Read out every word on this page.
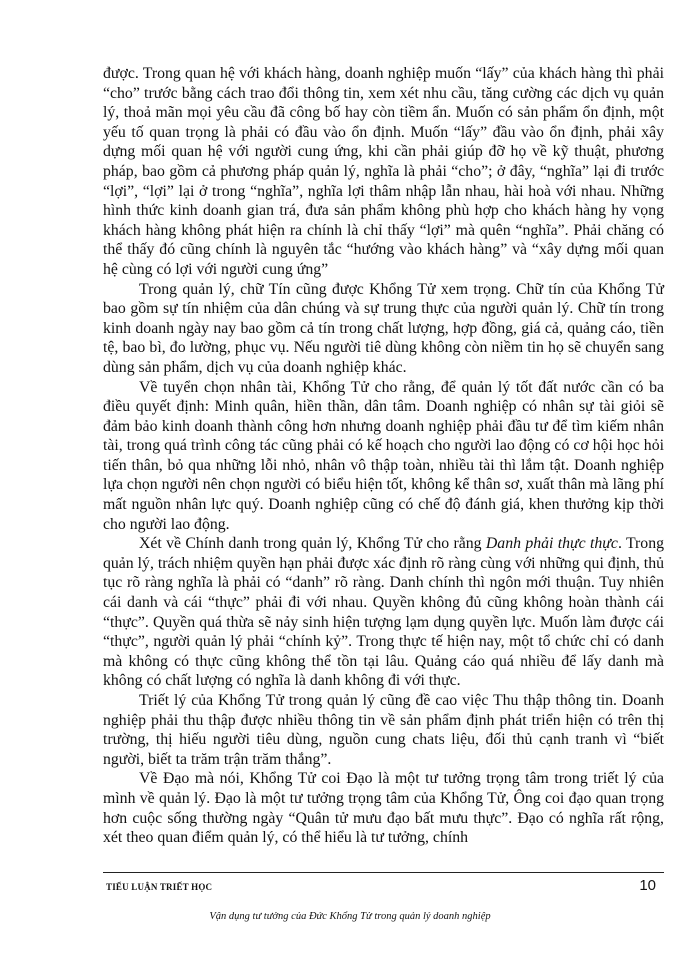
được. Trong quan hệ với khách hàng, doanh nghiệp muốn “lấy” của khách hàng thì phải “cho” trước bằng cách trao đổi thông tin, xem xét nhu cầu, tăng cường các dịch vụ quản lý, thoả mãn mọi yêu cầu đã công bố hay còn tiềm ẩn. Muốn có sản phẩm ổn định, một yếu tố quan trọng là phải có đầu vào ổn định. Muốn “lấy” đầu vào ổn định, phải xây dựng mối quan hệ với người cung ứng, khi cần phải giúp đỡ họ về kỹ thuật, phương pháp, bao gồm cả phương pháp quản lý, nghĩa là phải “cho”; ở đây, “nghĩa” lại đi trước “lợi”, “lợi” lại ở trong “nghĩa”, nghĩa lợi thâm nhập lẫn nhau, hài hoà với nhau. Những hình thức kinh doanh gian trá, đưa sản phẩm không phù hợp cho khách hàng hy vọng khách hàng không phát hiện ra chính là chỉ thấy “lợi” mà quên “nghĩa”. Phải chăng có thể thấy đó cũng chính là nguyên tắc “hướng vào khách hàng” và “xây dựng mối quan hệ cùng có lợi với người cung ứng”

Trong quản lý, chữ Tín cũng được Khổng Tử xem trọng. Chữ tín của Khổng Tử bao gồm sự tín nhiệm của dân chúng và sự trung thực của người quản lý. Chữ tín trong kinh doanh ngày nay bao gồm cả tín trong chất lượng, hợp đồng, giá cả, quảng cáo, tiền tệ, bao bì, đo lường, phục vụ. Nếu người tiê dùng không còn niềm tin họ sẽ chuyển sang dùng sản phẩm, dịch vụ của doanh nghiệp khác.

Về tuyển chọn nhân tài, Khổng Tử cho rằng, để quản lý tốt đất nước cần có ba điều quyết định: Minh quân, hiền thần, dân tâm. Doanh nghiệp có nhân sự tài giỏi sẽ đảm bảo kinh doanh thành công hơn nhưng doanh nghiệp phải đầu tư để tìm kiếm nhân tài, trong quá trình công tác cũng phải có kế hoạch cho người lao động có cơ hội học hỏi tiến thân, bỏ qua những lỗi nhỏ, nhân vô thập toàn, nhiều tài thì lắm tật. Doanh nghiệp lựa chọn người nên chọn người có biểu hiện tốt, không kể thân sơ, xuất thân mà lãng phí mất nguồn nhân lực quý. Doanh nghiệp cũng có chế độ đánh giá, khen thưởng kịp thời cho người lao động.

Xét về Chính danh trong quản lý, Khổng Tử cho rằng Danh phải thực thực. Trong quản lý, trách nhiệm quyền hạn phải được xác định rõ ràng cùng với những qui định, thủ tục rõ ràng nghĩa là phải có “danh” rõ ràng. Danh chính thì ngôn mới thuận. Tuy nhiên cái danh và cái “thực” phải đi với nhau. Quyền không đủ cũng không hoàn thành cái “thực”. Quyền quá thừa sẽ nảy sinh hiện tượng lạm dụng quyền lực. Muốn làm được cái “thực”, người quản lý phải “chính kỷ”. Trong thực tế hiện nay, một tổ chức chỉ có danh mà không có thực cũng không thể tồn tại lâu. Quảng cáo quá nhiều để lấy danh mà không có chất lượng có nghĩa là danh không đi với thực.

Triết lý của Khổng Tử trong quản lý cũng đề cao việc Thu thập thông tin. Doanh nghiệp phải thu thập được nhiều thông tin về sản phẩm định phát triển hiện có trên thị trường, thị hiếu người tiêu dùng, nguồn cung chats liệu, đối thủ cạnh tranh vì “biết người, biết ta trăm trận trăm thắng”.

Về Đạo mà nói, Khổng Tử coi Đạo là một tư tưởng trọng tâm trong triết lý của mình về quản lý. Đạo là một tư tưởng trọng tâm của Khổng Tử, Ông coi đạo quan trọng hơn cuộc sống thường ngày “Quân tử mưu đạo bất mưu thực”. Đạo có nghĩa rất rộng, xét theo quan điểm quản lý, có thể hiểu là tư tưởng, chính

TIỂU LUẬN TRIẾT HỌC	10
Vận dụng tư tưởng của Đức Khổng Tử trong quản lý doanh nghiệp
